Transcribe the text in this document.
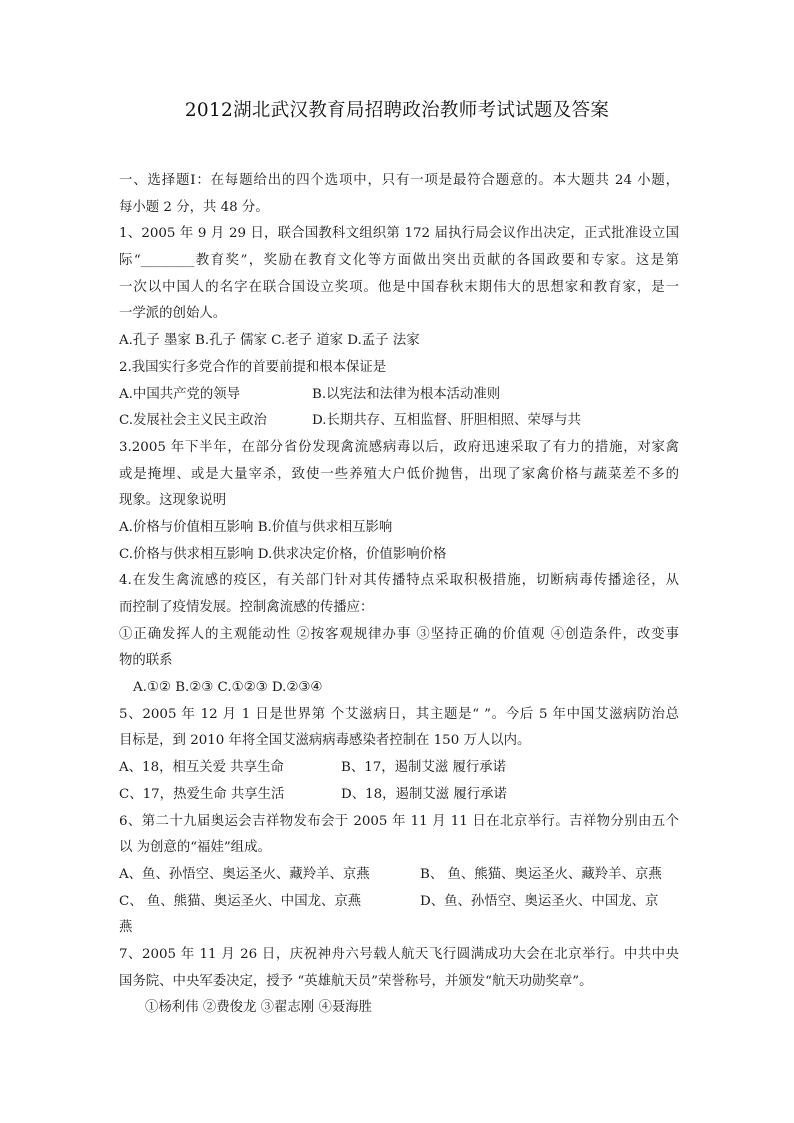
2012湖北武汉教育局招聘政治教师考试试题及答案
一、选择题Ⅰ：在每题给出的四个选项中，只有一项是最符合题意的。本大题共 24 小题，
每小题 2 分，共 48 分。
1、2005 年 9 月 29 日，联合国教科文组织第 172 届执行局会议作出决定，正式批准设立国
际“________教育奖”，奖励在教育文化等方面做出突出贡献的各国政要和专家。这是第
一次以中国人的名字在联合国设立奖项。他是中国春秋末期伟大的思想家和教育家，是一
一学派的创始人。
A.孔子 墨家 B.孔子 儒家 C.老子 道家 D.孟子 法家
2.我国实行多党合作的首要前提和根本保证是
A.中国共产党的领导	B.以宪法和法律为根本活动准则
C.发展社会主义民主政治	D.长期共存、互相监督、肝胆相照、荣辱与共
3.2005 年下半年，在部分省份发现禽流感病毒以后，政府迅速采取了有力的措施，对家禽
或是掩埋、或是大量宰杀，致使一些养殖大户低价抛售，出现了家禽价格与蔬菜差不多的
现象。这现象说明
A.价格与价值相互影响 B.价值与供求相互影响
C.价格与供求相互影响 D.供求决定价格，价值影响价格
4.在发生禽流感的疫区，有关部门针对其传播特点采取积极措施，切断病毒传播途径，从
而控制了疫情发展。控制禽流感的传播应：
①正确发挥人的主观能动性 ②按客观规律办事 ③坚持正确的价值观 ④创造条件，改变事
物的联系
A.①② B.②③ C.①②③ D.②③④
5、2005 年 12 月 1 日是世界第 个艾滋病日，其主题是“ ”。今后 5 年中国艾滋病防治总
目标是，到 2010 年将全国艾滋病病毒感染者控制在 150 万人以内。
A、18，相互关爱 共享生命	B、17，遏制艾滋 履行承诺
C、17，热爱生命 共享生活	D、18，遏制艾滋 履行承诺
6、第二十九届奥运会吉祥物发布会于 2005 年 11 月 11 日在北京举行。吉祥物分别由五个
以 为创意的“福娃”组成。
A、鱼、孙悟空、奥运圣火、藏羚羊、京燕	B、 鱼、熊猫、奥运圣火、藏羚羊、京燕
C、 鱼、熊猫、奥运圣火、中国龙、京燕	D、鱼、孙悟空、奥运圣火、中国龙、京
燕
7、2005 年 11 月 26 日，庆祝神舟六号载人航天飞行圆满成功大会在北京举行。中共中央
国务院、中央军委决定，授予 “英雄航天员”荣誉称号，并颁发“航天功勋奖章”。
①杨利伟 ②费俊龙 ③翟志刚 ④聂海胜
